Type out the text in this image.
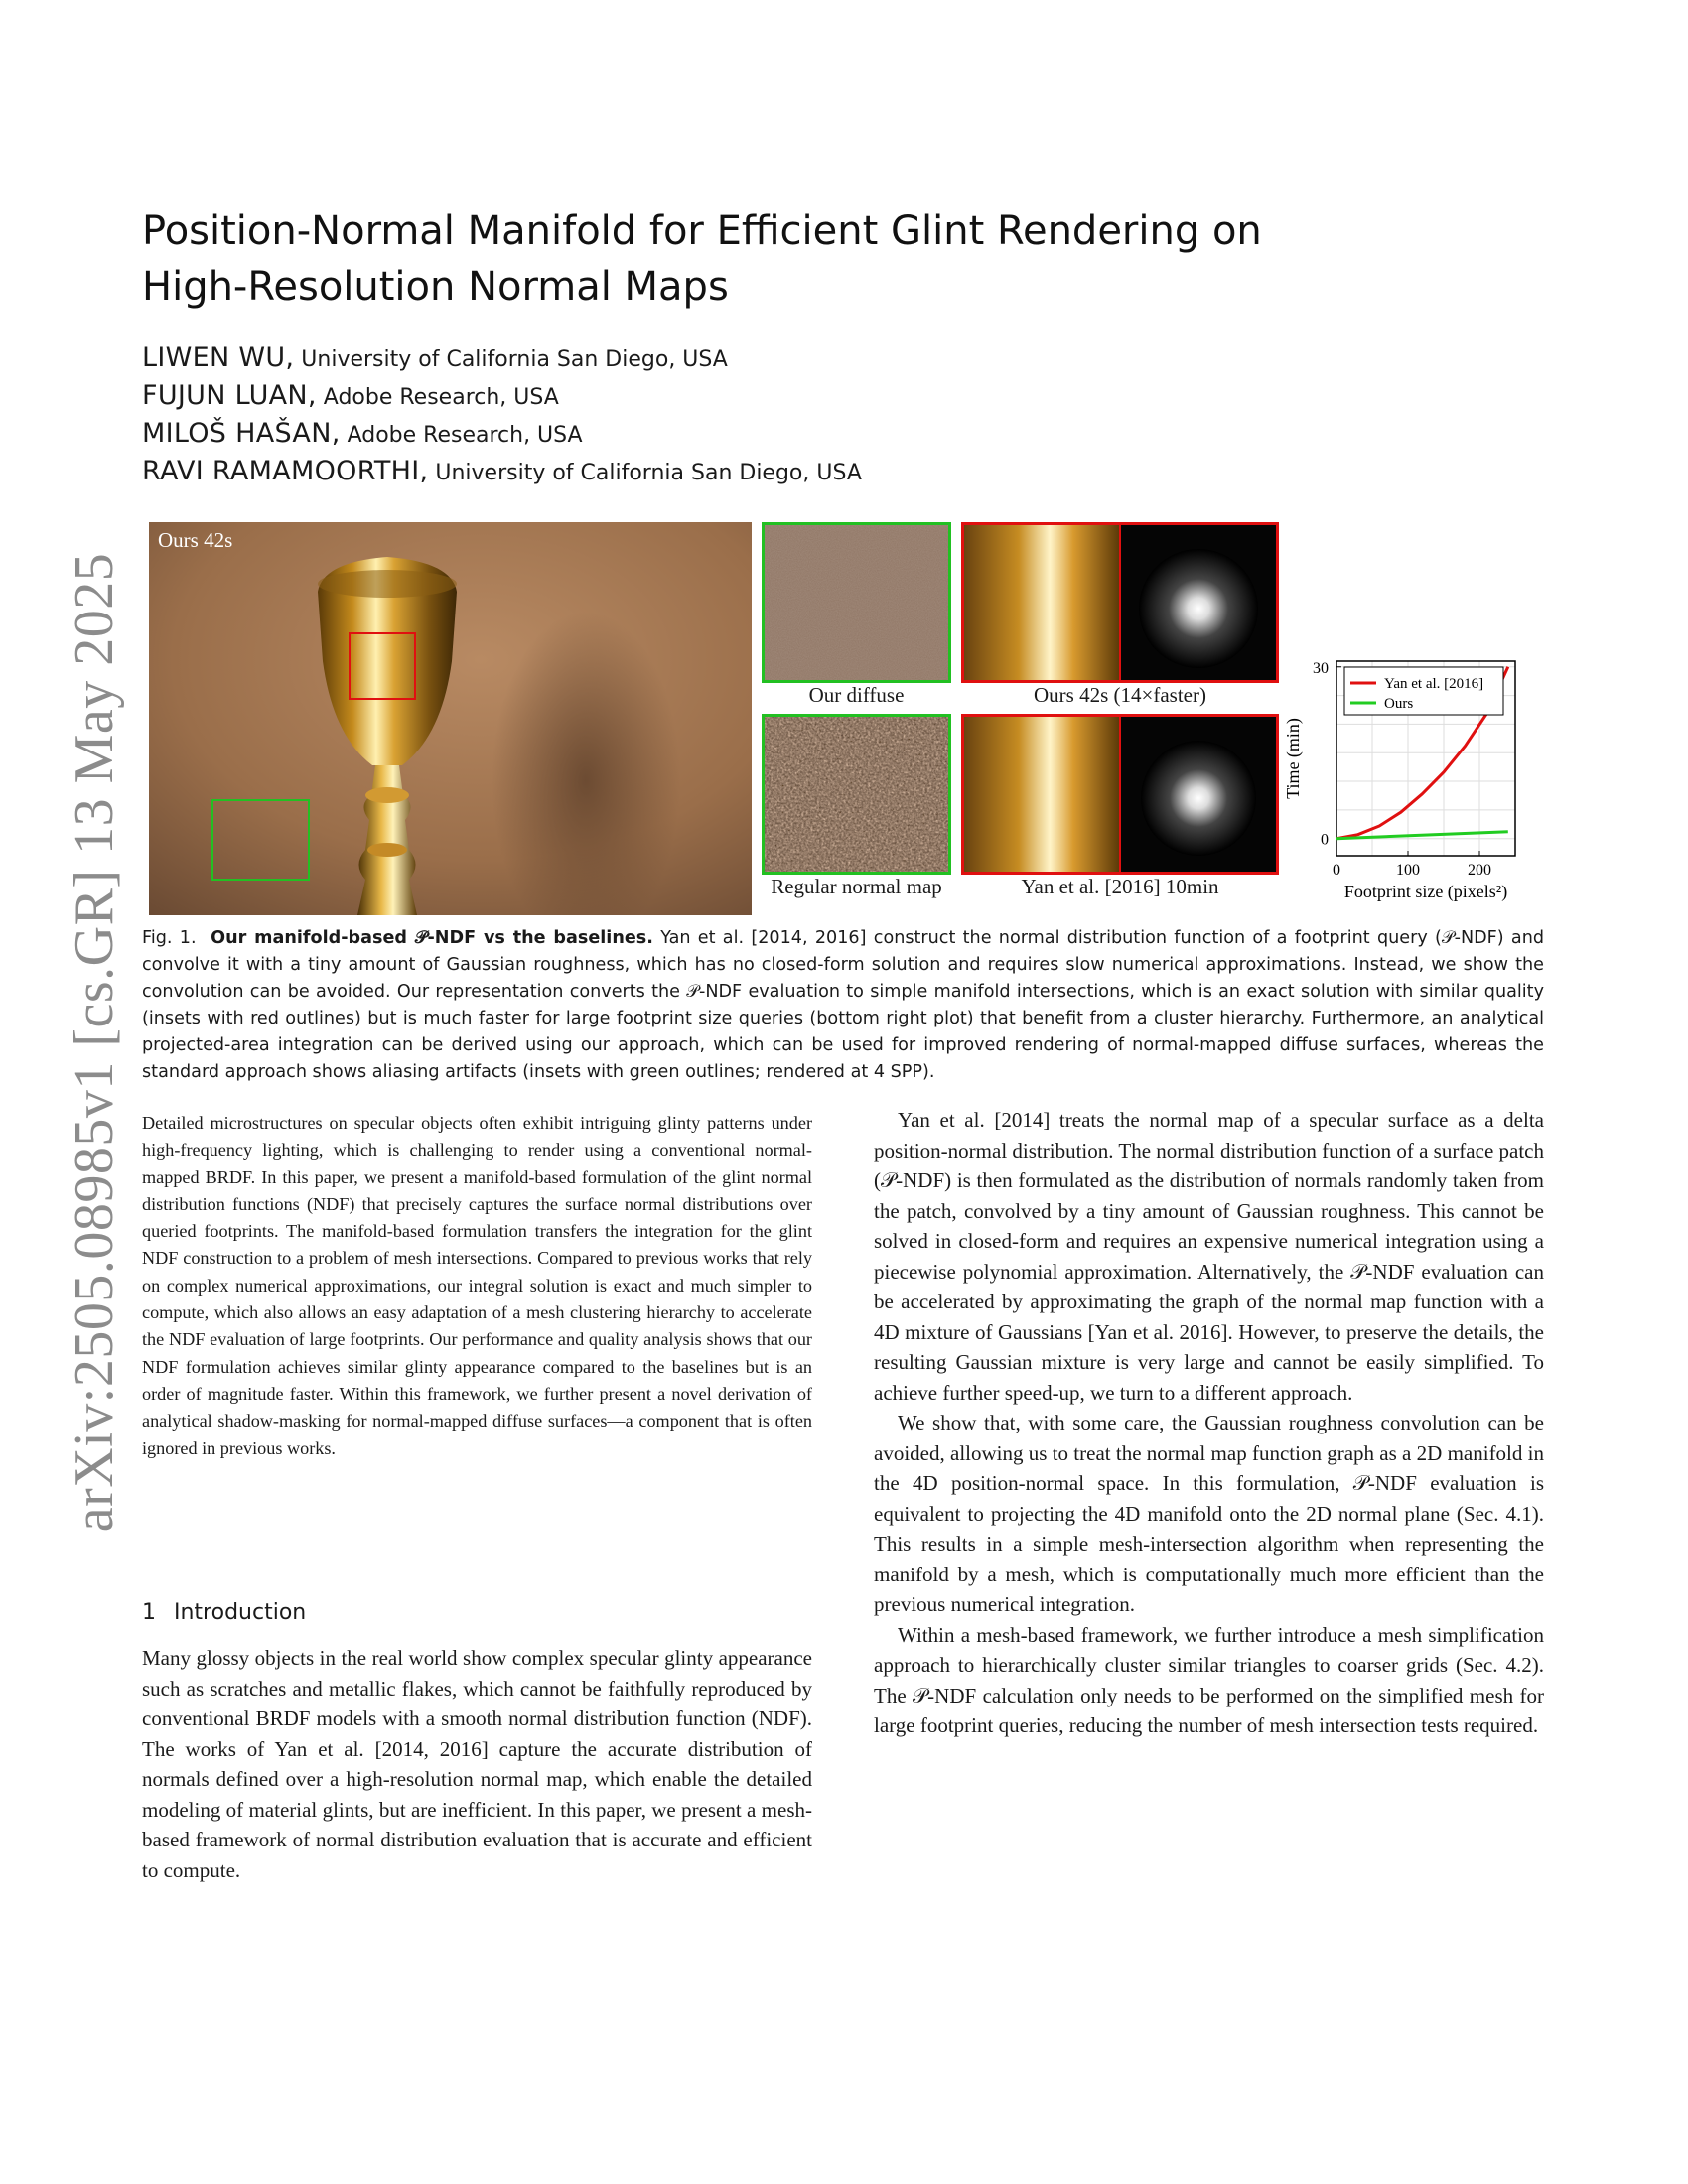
arXiv:2505.08985v1 [cs.GR] 13 May 2025
Position-Normal Manifold for Efficient Glint Rendering on High-Resolution Normal Maps
LIWEN WU, University of California San Diego, USA
FUJUN LUAN, Adobe Research, USA
MILOŠ HAŠAN, Adobe Research, USA
RAVI RAMAMOORTHI, University of California San Diego, USA
Ours 42s
Our diffuse	Ours 42s (14×faster)
Regular normal map	Yan et al. [2016] 10min
0	100	200
0
30
Yan et al. [2016]
Ours
Time (min)
Footprint size (pixels²)

Fig. 1. Our manifold-based 𝒫-NDF vs the baselines. Yan et al. [2014, 2016] construct the normal distribution function of a footprint query (𝒫-NDF) and convolve it with a tiny amount of Gaussian roughness, which has no closed-form solution and requires slow numerical approximations. Instead, we show the convolution can be avoided. Our representation converts the 𝒫-NDF evaluation to simple manifold intersections, which is an exact solution with similar quality (insets with red outlines) but is much faster for large footprint size queries (bottom right plot) that benefit from a cluster hierarchy. Furthermore, an analytical projected-area integration can be derived using our approach, which can be used for improved rendering of normal-mapped diffuse surfaces, whereas the standard approach shows aliasing artifacts (insets with green outlines; rendered at 4 SPP).

Detailed microstructures on specular objects often exhibit intriguing glinty patterns under high-frequency lighting, which is challenging to render using a conventional normal-mapped BRDF. In this paper, we present a manifold-based formulation of the glint normal distribution functions (NDF) that precisely captures the surface normal distributions over queried footprints. The manifold-based formulation transfers the integration for the glint NDF construction to a problem of mesh intersections. Compared to previous works that rely on complex numerical approximations, our integral solution is exact and much simpler to compute, which also allows an easy adaptation of a mesh clustering hierarchy to accelerate the NDF evaluation of large footprints. Our performance and quality analysis shows that our NDF formulation achieves similar glinty appearance compared to the baselines but is an order of magnitude faster. Within this framework, we further present a novel derivation of analytical shadow-masking for normal-mapped diffuse surfaces—a component that is often ignored in previous works.

1 Introduction

Many glossy objects in the real world show complex specular glinty appearance such as scratches and metallic flakes, which cannot be faithfully reproduced by conventional BRDF models with a smooth normal distribution function (NDF). The works of Yan et al. [2014, 2016] capture the accurate distribution of normals defined over a high-resolution normal map, which enable the detailed modeling of material glints, but are inefficient. In this paper, we present a mesh-based framework of normal distribution evaluation that is accurate and efficient to compute.

Yan et al. [2014] treats the normal map of a specular surface as a delta position-normal distribution. The normal distribution function of a surface patch (𝒫-NDF) is then formulated as the distribution of normals randomly taken from the patch, convolved by a tiny amount of Gaussian roughness. This cannot be solved in closed-form and requires an expensive numerical integration using a piecewise polynomial approximation. Alternatively, the 𝒫-NDF evaluation can be accelerated by approximating the graph of the normal map function with a 4D mixture of Gaussians [Yan et al. 2016]. However, to preserve the details, the resulting Gaussian mixture is very large and cannot be easily simplified. To achieve further speed-up, we turn to a different approach.

We show that, with some care, the Gaussian roughness convolution can be avoided, allowing us to treat the normal map function graph as a 2D manifold in the 4D position-normal space. In this formulation, 𝒫-NDF evaluation is equivalent to projecting the 4D manifold onto the 2D normal plane (Sec. 4.1). This results in a simple mesh-intersection algorithm when representing the manifold by a mesh, which is computationally much more efficient than the previous numerical integration.

Within a mesh-based framework, we further introduce a mesh simplification approach to hierarchically cluster similar triangles to coarser grids (Sec. 4.2). The 𝒫-NDF calculation only needs to be performed on the simplified mesh for large footprint queries, reducing the number of mesh intersection tests required.
